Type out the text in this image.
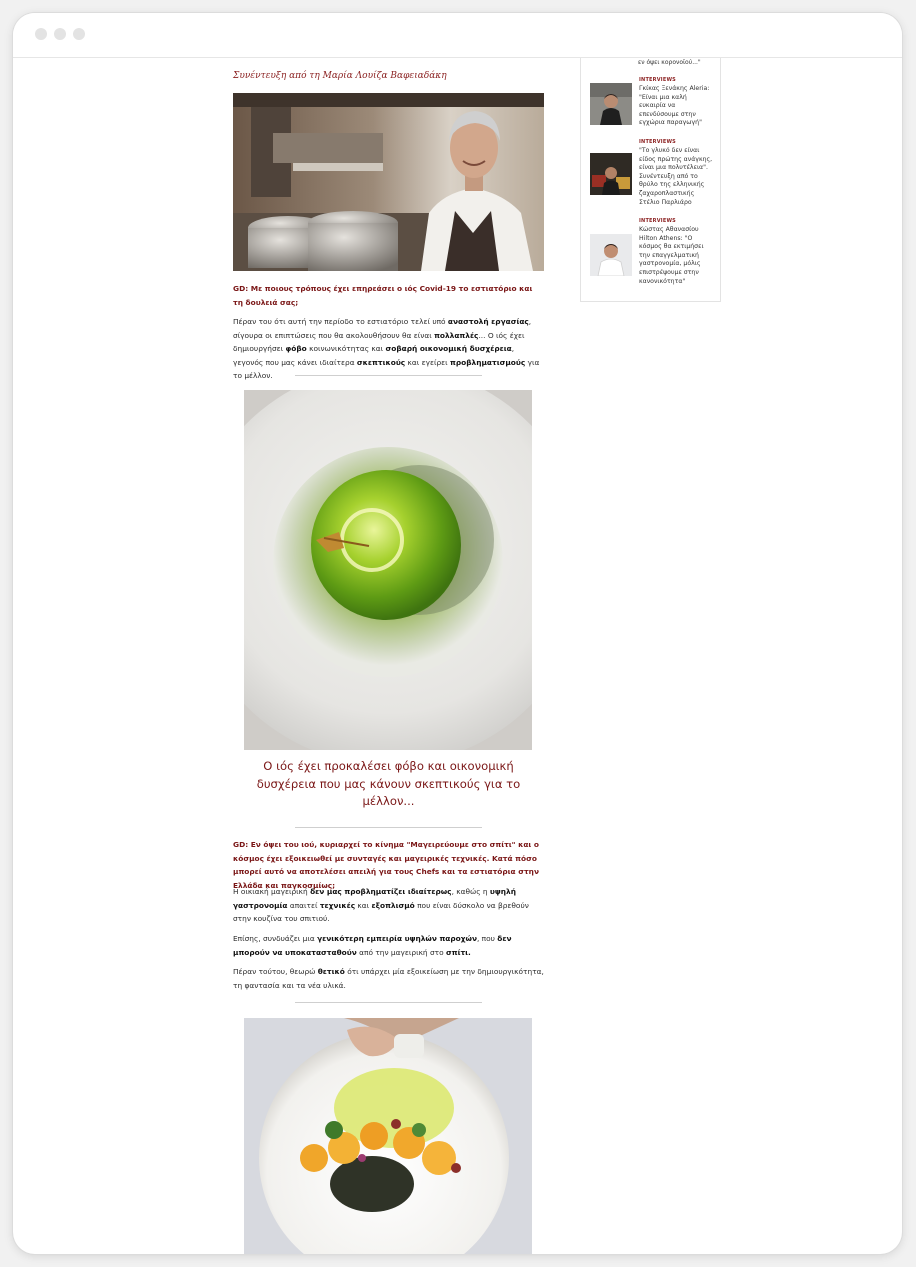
Συνέντευξη από τη Μαρία Λουίζα Βαφειαδάκη
GD: Με ποιους τρόπους έχει επηρεάσει ο ιός Covid-19 το εστιατόριο και τη δουλειά σας;
Πέραν του ότι αυτή την περίοδο το εστιατόριο τελεί υπό αναστολή εργασίας, σίγουρα οι επιπτώσεις που θα ακολουθήσουν θα είναι πολλαπλές... Ο ιός έχει δημιουργήσει φόβο κοινωνικότητας και σοβαρή οικονομική δυσχέρεια, γεγονός που μας κάνει ιδιαίτερα σκεπτικούς και εγείρει προβληματισμούς για το μέλλον.
Ο ιός έχει προκαλέσει φόβο και οικονομική δυσχέρεια που μας κάνουν σκεπτικούς για το μέλλον...
GD: Εν όψει του ιού, κυριαρχεί το κίνημα "Μαγειρεύουμε στο σπίτι" και ο κόσμος έχει εξοικειωθεί με συνταγές και μαγειρικές τεχνικές. Κατά πόσο μπορεί αυτό να αποτελέσει απειλή για τους Chefs και τα εστιατόρια στην Ελλάδα και παγκοσμίως;
Η οικιακή μαγειρική δεν μας προβληματίζει ιδιαίτερως, καθώς η υψηλή γαστρονομία απαιτεί τεχνικές και εξοπλισμό που είναι δύσκολο να βρεθούν στην κουζίνα του σπιτιού.
Επίσης, συνδυάζει μια γενικότερη εμπειρία υψηλών παροχών, που δεν μπορούν να υποκατασταθούν από την μαγειρική στο σπίτι.
Πέραν τούτου, θεωρώ θετικό ότι υπάρχει μία εξοικείωση με την δημιουργικότητα, τη φαντασία και τα νέα υλικά.
εν όψει κορονοϊού..."
INTERVIEWS
Γκίκας Ξενάκης Aleria: "Είναι μια καλή ευκαιρία να επενδύσουμε στην εγχώρια παραγωγή"
INTERVIEWS
"Το γλυκό δεν είναι είδος πρώτης ανάγκης, είναι μια πολυτέλεια". Συνέντευξη από το θρύλο της ελληνικής ζαχαροπλαστικής Στέλιο Παρλιάρο
INTERVIEWS
Κώστας Αθανασίου Hilton Athens: "Ο κόσμος θα εκτιμήσει την επαγγελματική γαστρονομία, μόλις επιστρέψουμε στην κανονικότητα"
